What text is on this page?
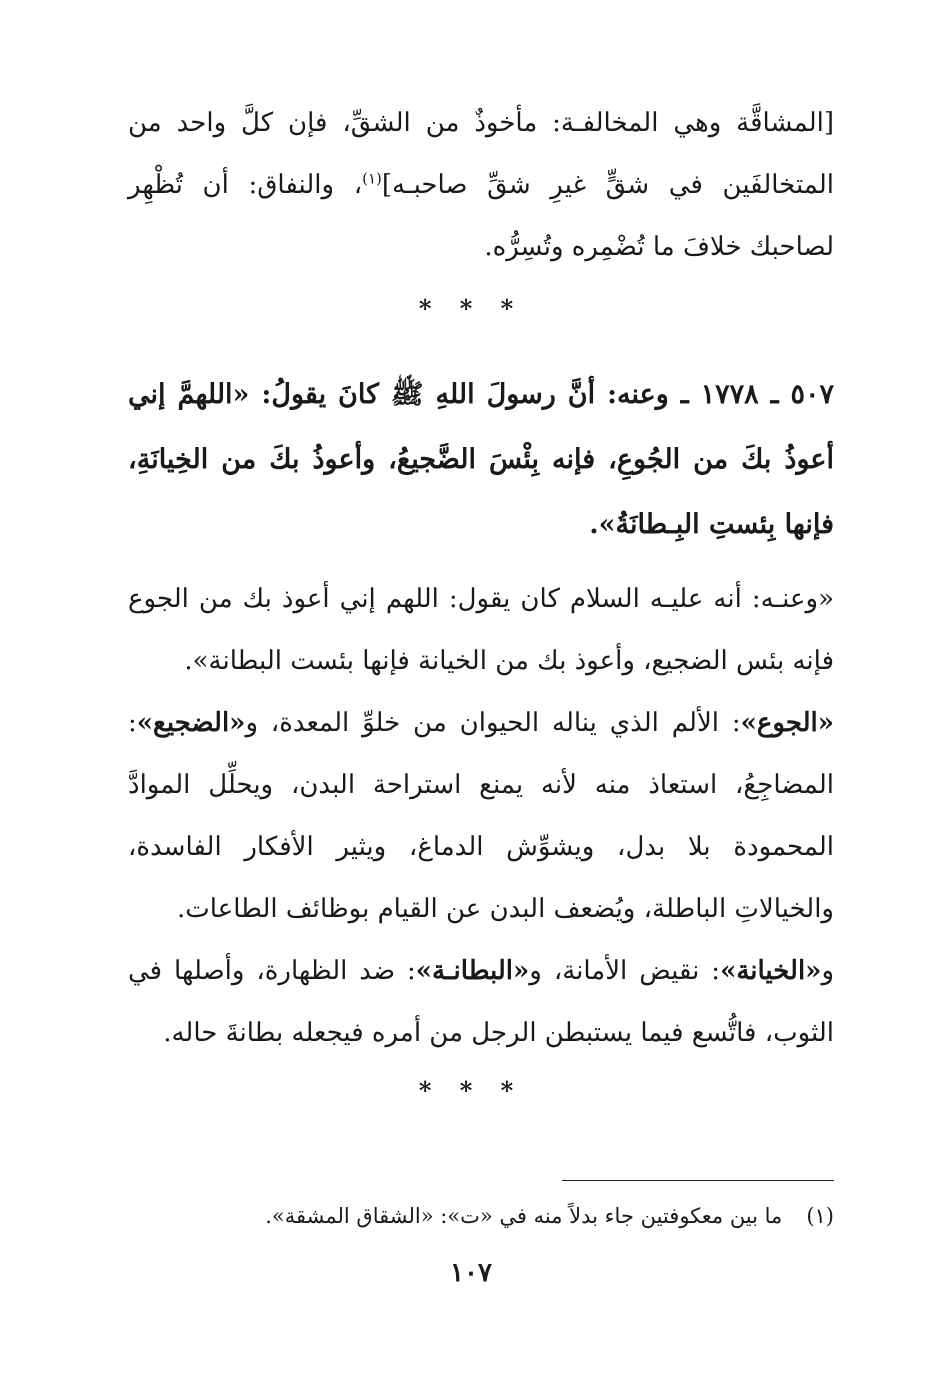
[المشاقَّة وهي المخالفـة: مأخوذٌ من الشقِّ، فإن كلَّ واحد من المتخالفَين في شقٍّ غيرِ شقِّ صاحبـه]$^{(١)}$، والنفاق: أن تُظْهِر لصاحبك خلافَ ما تُضْمِره وتُسِرُّه.

* * *

٥٠٧ ـ ١٧٧٨ ـ وعنه: أنَّ رسولَ اللهِ ﷺ كانَ يقولُ: «اللهمَّ إني أعوذُ بكَ من الجُوعِ، فإنه بِئْسَ الضَّجيعُ، وأعوذُ بكَ من الخِيانَةِ، فإنها بِئستِ البِـطانَةُ».

«وعنـه: أنه عليـه السلام كان يقول: اللهم إني أعوذ بك من الجوع فإنه بئس الضجيع، وأعوذ بك من الخيانة فإنها بئست البطانة».

«الجوع»: الألم الذي يناله الحيوان من خلوِّ المعدة، و«الضجيع»: المضاجِعُ، استعاذ منه لأنه يمنع استراحة البدن، ويحلِّل الموادَّ المحمودة بلا بدل، ويشوِّش الدماغ، ويثير الأفكار الفاسدة، والخيالاتِ الباطلة، ويُضعف البدن عن القيام بوظائف الطاعات.

و«الخيانة»: نقيض الأمانة، و«البطانـة»: ضد الظهارة، وأصلها في الثوب، فاتُّسع فيما يستبطن الرجل من أمره فيجعله بطانةَ حاله.

* * *
(١)ما بين معكوفتين جاء بدلاً منه في «ت»: «الشقاق المشقة».
١٠٧
